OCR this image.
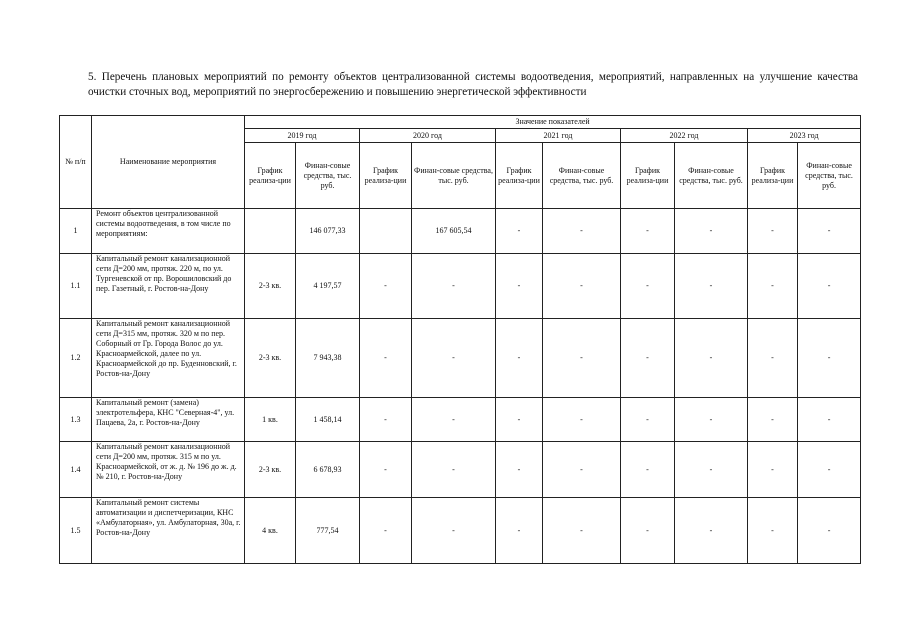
5. Перечень плановых мероприятий по ремонту объектов централизованной системы водоотведения, мероприятий, направленных на улучшение качества очистки сточных вод, мероприятий по энергосбережению и повышению энергетической эффективности
№ п/п	Наименование мероприятия	Значение показателей									
		2019 год		2020 год		2021 год		2022 год		2023 год	
		График реализа-ции	Финан-совые средства, тыс. руб.	График реализа-ции	Финан-совые средства, тыс. руб.	График реализа-ции	Финан-совые средства, тыс. руб.	График реализа-ции	Финан-совые средства, тыс. руб.	График реализа-ции	Финан-совые средства, тыс. руб.
1	Ремонт объектов централизованной системы водоотведения, в том числе по мероприятиям:		146 077,33		167 605,54	-	-	-	-	-	-
1.1	Капитальный ремонт канализационной сети Д=200 мм, протяж. 220 м, по ул. Тургеневской от пр. Ворошиловский до пер. Газетный, г. Ростов-на-Дону	2-3 кв.	4 197,57	-	-	-	-	-	-	-	-
1.2	Капитальный ремонт канализационной сети Д=315 мм, протяж. 320 м по пер. Соборный от Гр. Города Волос до ул. Красноармейской, далее по ул. Красноармейской до пр. Буденновский, г. Ростов-на-Дону	2-3 кв.	7 943,38	-	-	-	-	-	-	-	-
1.3	Капитальный ремонт (замена) электротельфера, КНС "Северная-4", ул. Пацаева, 2а, г. Ростов-на-Дону	1 кв.	1 458,14	-	-	-	-	-	-	-	-
1.4	Капитальный ремонт канализационной сети Д=200 мм, протяж. 315 м по ул. Красноармейской, от ж. д. № 196 до ж. д. № 210, г. Ростов-на-Дону	2-3 кв.	6 678,93	-	-	-	-	-	-	-	-
1.5	Капитальный ремонт системы автоматизации и диспетчеризации, КНС «Амбулаторная», ул. Амбулаторная, 30а, г. Ростов-на-Дону	4 кв.	777,54	-	-	-	-	-	-	-	-
